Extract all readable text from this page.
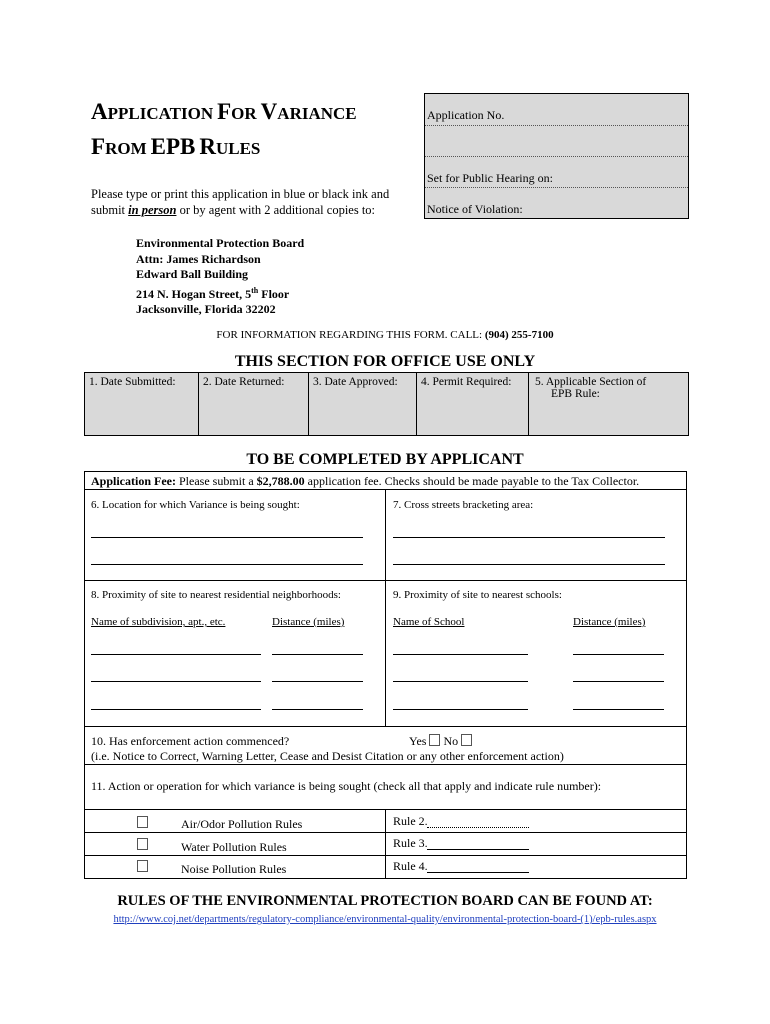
APPLICATION FOR VARIANCE
FROM EPB RULES
Application No.
Set for Public Hearing on:
Notice of Violation:
Please type or print this application in blue or black ink and
submit in person or by agent with 2 additional copies to:
Environmental Protection Board
Attn: James Richardson
Edward Ball Building
214 N. Hogan Street, 5th Floor
Jacksonville, Florida 32202
FOR INFORMATION REGARDING THIS FORM. CALL: (904) 255-7100
THIS SECTION FOR OFFICE USE ONLY
1. Date Submitted:	2. Date Returned:	3. Date Approved:	4. Permit Required:	5. Applicable Section of
EPB Rule:
TO BE COMPLETED BY APPLICANT
Application Fee: Please submit a $2,788.00 application fee. Checks should be made payable to the Tax Collector.
6. Location for which Variance is being sought:	7. Cross streets bracketing area:
8. Proximity of site to nearest residential neighborhoods:	9. Proximity of site to nearest schools:
Name of subdivision, apt., etc.	Distance (miles)	Name of School	Distance (miles)
10. Has enforcement action commenced?	Yes No
(i.e. Notice to Correct, Warning Letter, Cease and Desist Citation or any other enforcement action)
11. Action or operation for which variance is being sought (check all that apply and indicate rule number):
Air/Odor Pollution Rules	Rule 2.
Water Pollution Rules	Rule 3.
Noise Pollution Rules	Rule 4.
RULES OF THE ENVIRONMENTAL PROTECTION BOARD CAN BE FOUND AT:
http://www.coj.net/departments/regulatory-compliance/environmental-quality/environmental-protection-board-(1)/epb-rules.aspx
